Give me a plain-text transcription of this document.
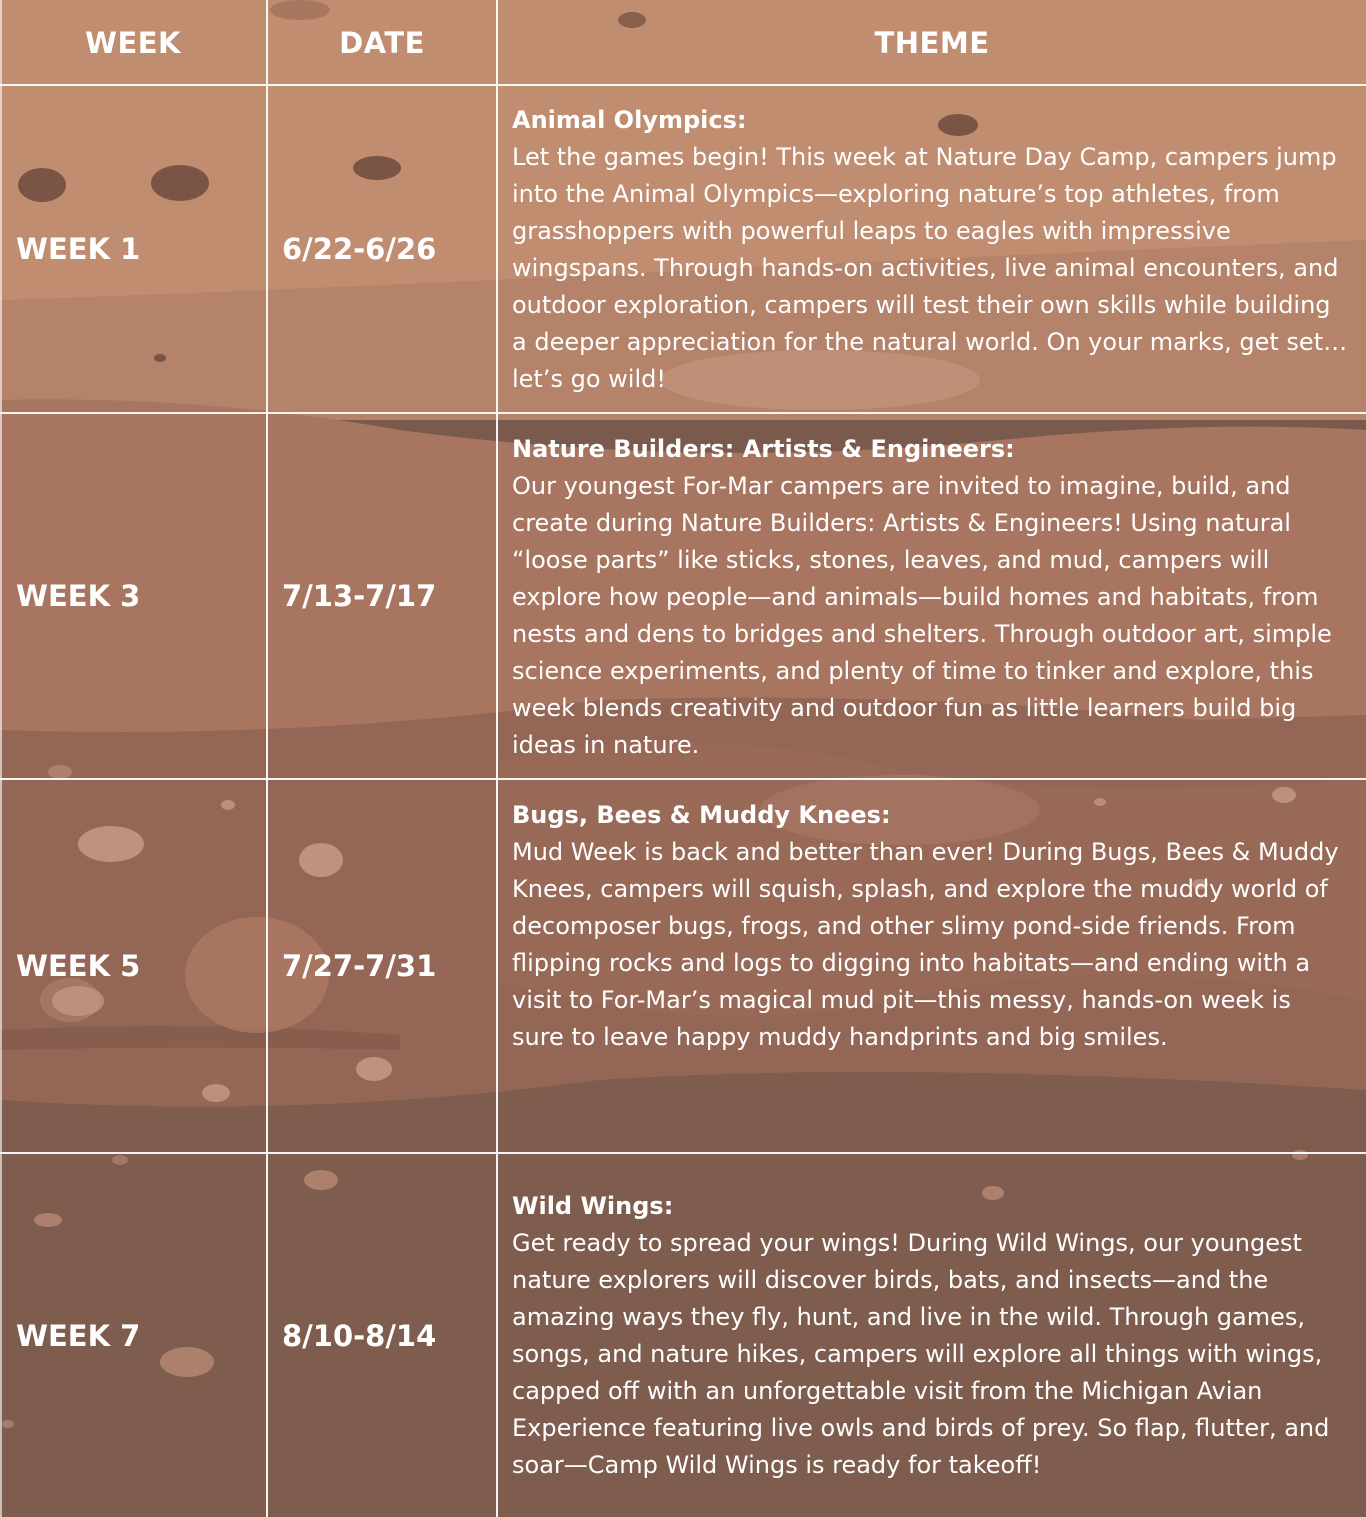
WEEK	DATE	THEME
WEEK 1	6/22-6/26
Animal Olympics:
Let the games begin! This week at Nature Day Camp, campers jump into the Animal Olympics—exploring nature’s top athletes, from grasshoppers with powerful leaps to eagles with impressive wingspans. Through hands-on activities, live animal encounters, and outdoor exploration, campers will test their own skills while building a deeper appreciation for the natural world. On your marks, get set… let’s go wild!
WEEK 3	7/13-7/17
Nature Builders: Artists & Engineers:
Our youngest For-Mar campers are invited to imagine, build, and create during Nature Builders: Artists & Engineers! Using natural “loose parts” like sticks, stones, leaves, and mud, campers will explore how people—and animals—build homes and habitats, from nests and dens to bridges and shelters. Through outdoor art, simple science experiments, and plenty of time to tinker and explore, this week blends creativity and outdoor fun as little learners build big ideas in nature.
WEEK 5	7/27-7/31
Bugs, Bees & Muddy Knees:
Mud Week is back and better than ever! During Bugs, Bees & Muddy Knees, campers will squish, splash, and explore the muddy world of decomposer bugs, frogs, and other slimy pond-side friends. From flipping rocks and logs to digging into habitats—and ending with a visit to For-Mar’s magical mud pit—this messy, hands-on week is sure to leave happy muddy handprints and big smiles.
WEEK 7	8/10-8/14
Wild Wings:
Get ready to spread your wings! During Wild Wings, our youngest nature explorers will discover birds, bats, and insects—and the amazing ways they fly, hunt, and live in the wild. Through games, songs, and nature hikes, campers will explore all things with wings, capped off with an unforgettable visit from the Michigan Avian Experience featuring live owls and birds of prey. So flap, flutter, and soar—Camp Wild Wings is ready for takeoff!
